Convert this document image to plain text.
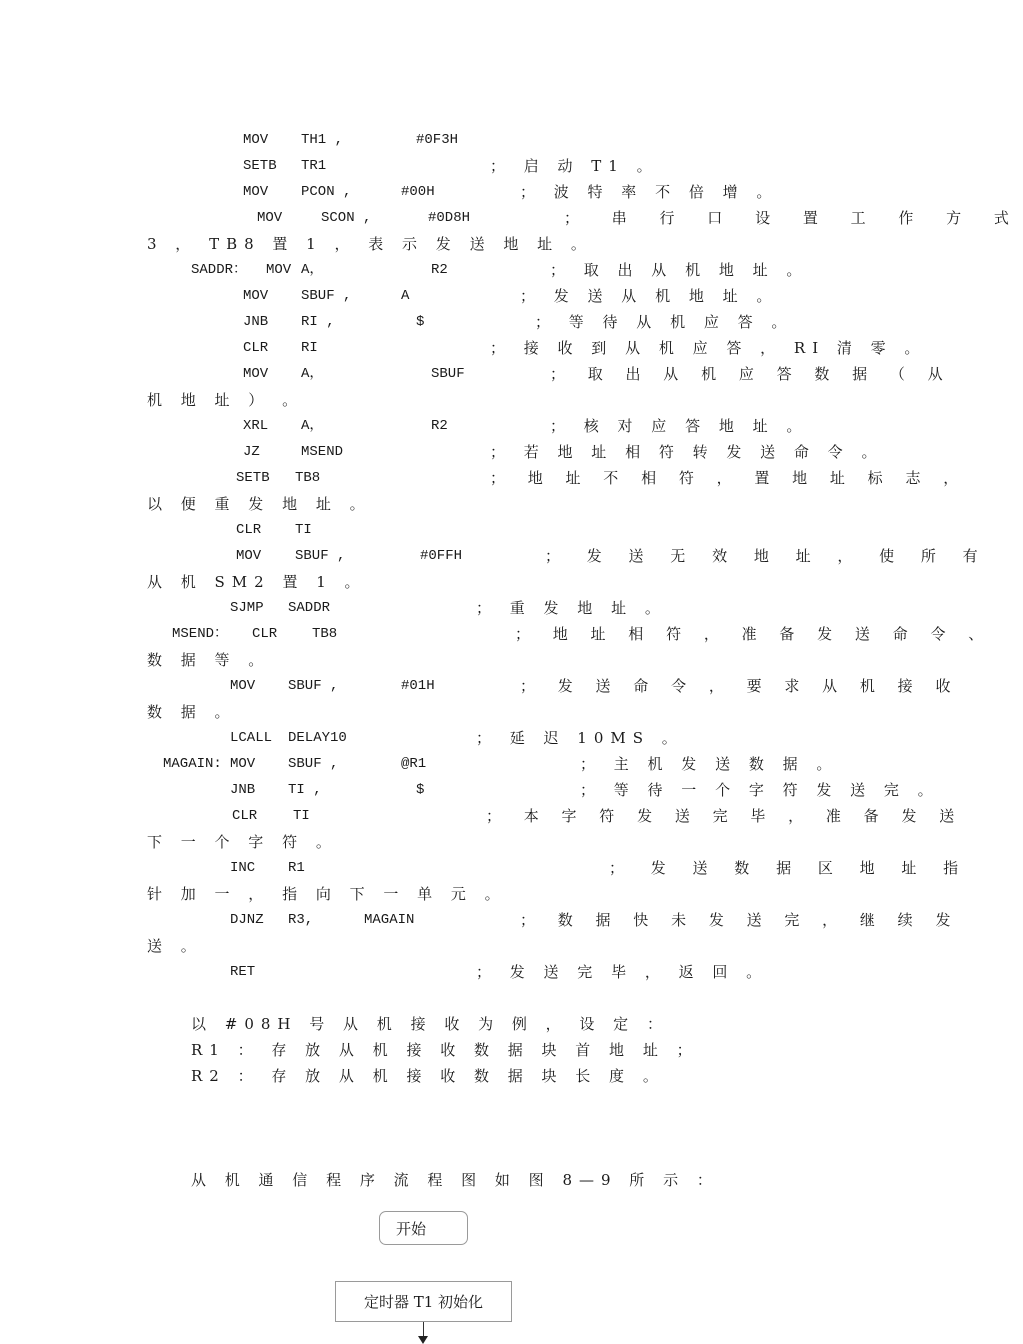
MOV TH1 ,	#0F3H
SETB TR1	； 启 动 T1 。
MOV PCON ,	#00H	； 波 特 率 不 倍 增 。
MOV	SCON ,	#0D8H	； 串 行 口 设 置 工 作 方 式
3 ， TB8 置 1 ， 表 示 发 送 地 址 。
SADDR： MOV A，	R2	； 取 出 从 机 地 址 。
MOV SBUF ,	A	； 发 送 从 机 地 址 。
JNB RI ,	$	； 等 待 从 机 应 答 。
CLR RI	； 接 收 到 从 机 应 答 ， RI 清 零 。
MOV A，	SBUF	； 取 出 从 机 应 答 数 据 （ 从
机 地 址 ） 。
XRL A，	R2	； 核 对 应 答 地 址 。
JZ	MSEND	； 若 地 址 相 符 转 发 送 命 令 。
SETB TB8	； 地 址 不 相 符 ， 置 地 址 标 志 ，
以 便 重 发 地 址 。
CLR TI
MOV SBUF ,	#0FFH	； 发 送 无 效 地 址 ， 使 所 有
从 机 SM2 置 1 。
SJMP SADDR	； 重 发 地 址 。
MSEND： CLR TB8	； 地 址 相 符 ， 准 备 发 送 命 令 、
数 据 等 。
MOV SBUF ,	#01H	； 发 送 命 令 ， 要 求 从 机 接 收
数 据 。
LCALL DELAY10	； 延 迟 10MS 。
MAGAIN: MOV SBUF ,	@R1	； 主 机 发 送 数 据 。
JNB TI ,	$	； 等 待 一 个 字 符 发 送 完 。
CLR	TI	； 本 字 符 发 送 完 毕 ， 准 备 发 送
下 一 个 字 符 。
INC R1	； 发 送 数 据 区 地 址 指
针 加 一 ， 指 向 下 一 单 元 。
DJNZ R3,	MAGAIN	； 数 据 快 未 发 送 完 ， 继 续 发
送 。
RET	； 发 送 完 毕 ， 返 回 。
以 #08H 号 从 机 接 收 为 例 ， 设 定 ：
R1 ： 存 放 从 机 接 收 数 据 块 首 地 址 ；
R2 ： 存 放 从 机 接 收 数 据 块 长 度 。
从 机 通 信 程 序 流 程 图 如 图 8—9 所 示 ：
开始
定时器 T1 初始化
